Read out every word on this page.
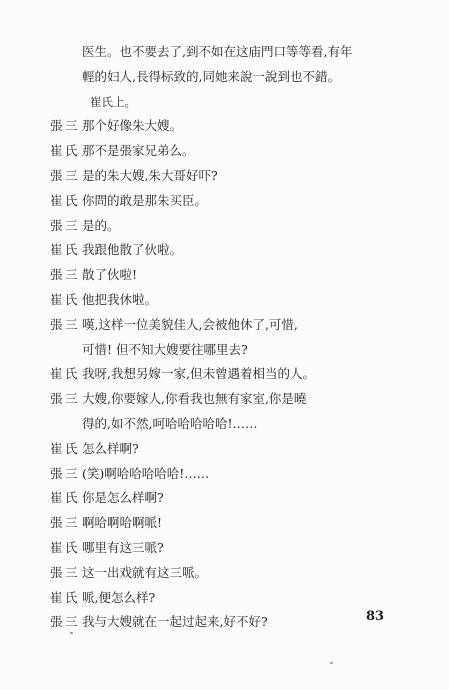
医生。也不要去了,到不如在这庙門口等等看,有年
輕的妇人,長得标致的,同她来說一說到也不錯。
崔氏上。
張 三 那个好像朱大嫂。
崔 氏 那不是張家兄弟么。
張 三 是的朱大嫂,朱大哥好吓?
崔 氏 你問的敢是那朱买臣。
張 三 是的。
崔 氏 我跟他散了伙啦。
張 三 散了伙啦!
崔 氏 他把我休啦。
張 三 嘆,这样一位美貌佳人,会被他休了,可惜,
可惜! 但不知大嫂要往哪里去?
崔 氏 我呀,我想另嫁一家,但未曾遇着相当的人。
張 三 大嫂,你要嫁人,你看我也無有家室,你是曉
得的,如不然,呵哈哈哈哈哈!……
崔 氏 怎么样啊?
張 三 (笑)啊哈哈哈哈哈!……
崔 氏 你是怎么样啊?
張 三 啊哈啊哈啊哌!
崔 氏 哪里有这三哌?
張 三 这一出戏就有这三哌。
崔 氏 哌,便怎么样?
張 三 我与大嫂就在一起过起来,好不好?	83
